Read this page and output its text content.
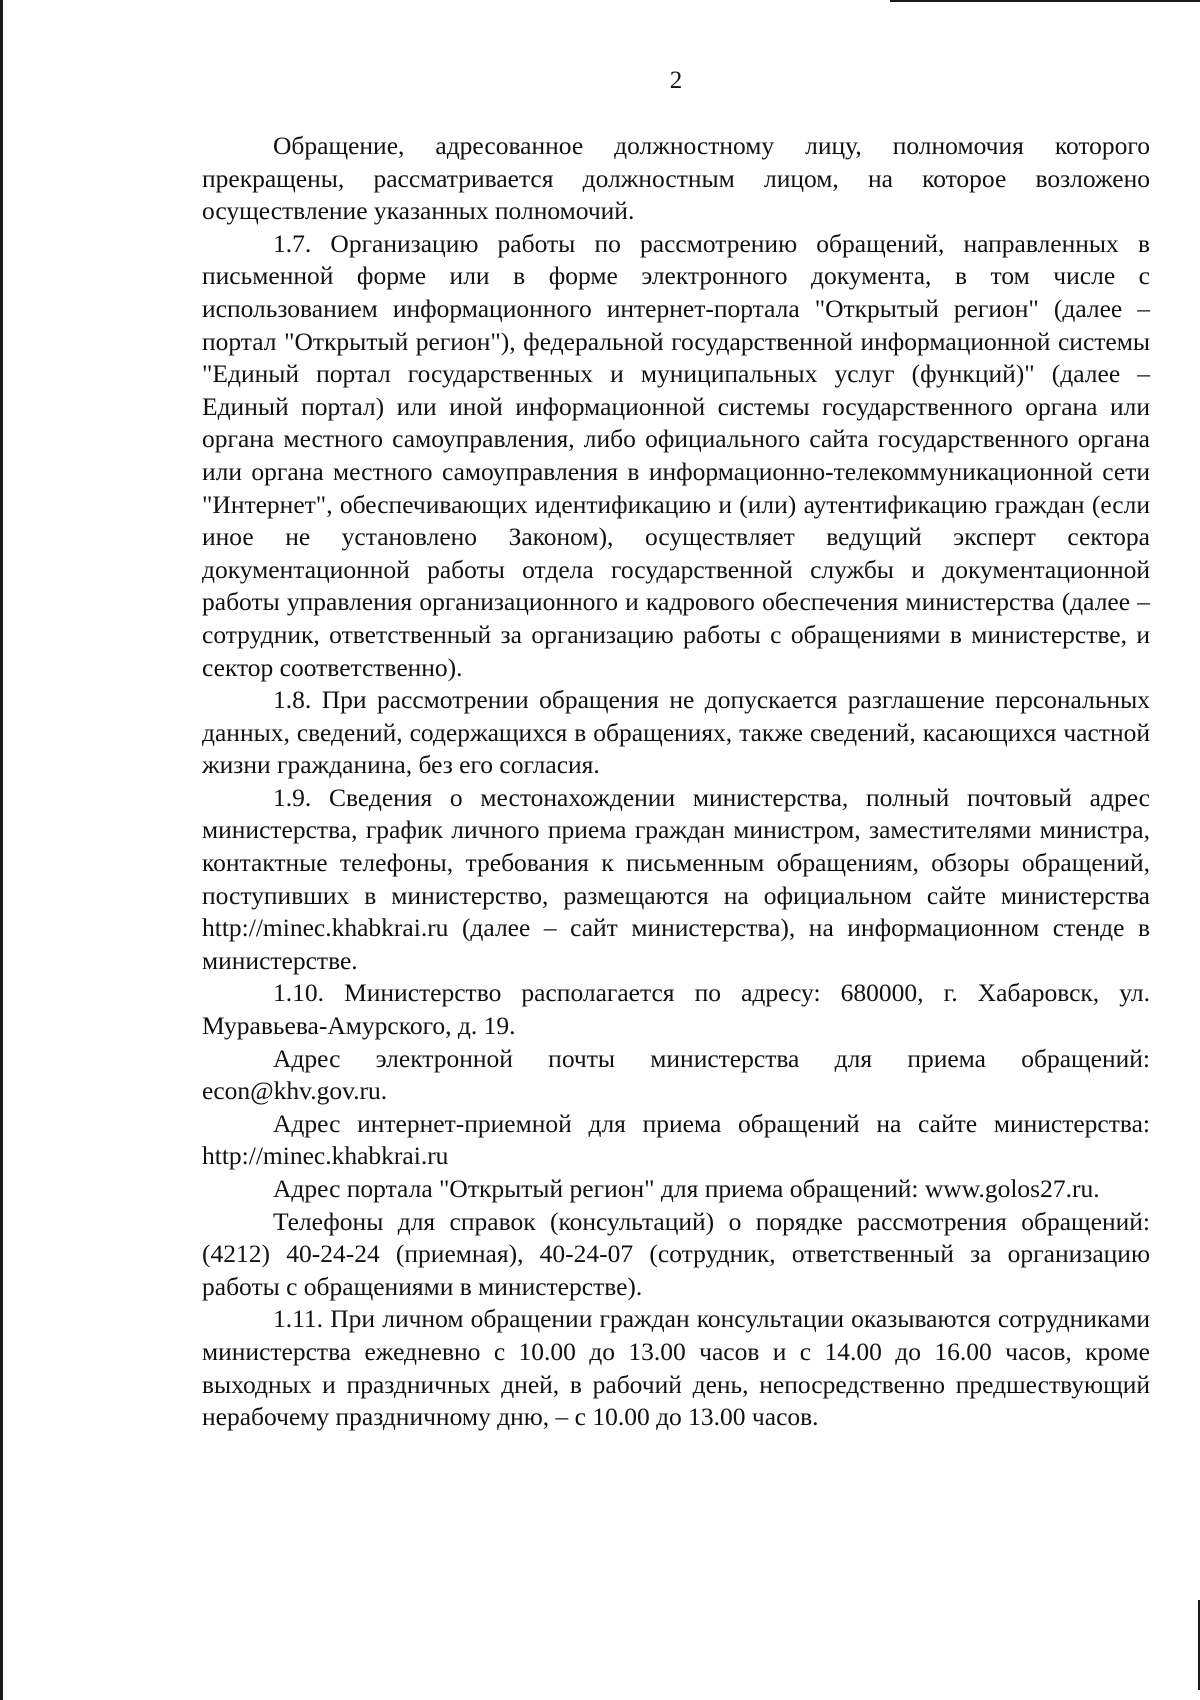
2

Обращение, адресованное должностному лицу, полномочия которого прекращены, рассматривается должностным лицом, на которое возложено осуществление указанных полномочий.

1.7. Организацию работы по рассмотрению обращений, направленных в письменной форме или в форме электронного документа, в том числе с использованием информационного интернет-портала "Открытый регион" (далее – портал "Открытый регион"), федеральной государственной информационной системы "Единый портал государственных и муниципальных услуг (функций)" (далее – Единый портал) или иной информационной системы государственного органа или органа местного самоуправления, либо официального сайта государственного органа или органа местного самоуправления в информационно-телекоммуникационной сети "Интернет", обеспечивающих идентификацию и (или) аутентификацию граждан (если иное не установлено Законом), осуществляет ведущий эксперт сектора документационной работы отдела государственной службы и документационной работы управления организационного и кадрового обеспечения министерства (далее – сотрудник, ответственный за организацию работы с обращениями в министерстве, и сектор соответственно).

1.8. При рассмотрении обращения не допускается разглашение персональных данных, сведений, содержащихся в обращениях, также сведений, касающихся частной жизни гражданина, без его согласия.

1.9. Сведения о местонахождении министерства, полный почтовый адрес министерства, график личного приема граждан министром, заместителями министра, контактные телефоны, требования к письменным обращениям, обзоры обращений, поступивших в министерство, размещаются на официальном сайте министерства http://minec.khabkrai.ru (далее – сайт министерства), на информационном стенде в министерстве.

1.10. Министерство располагается по адресу: 680000, г. Хабаровск, ул. Муравьева-Амурского, д. 19.

Адрес электронной почты министерства для приема обращений: econ@khv.gov.ru.

Адрес интернет-приемной для приема обращений на сайте министерства: http://minec.khabkrai.ru

Адрес портала "Открытый регион" для приема обращений: www.golos27.ru.

Телефоны для справок (консультаций) о порядке рассмотрения обращений: (4212) 40-24-24 (приемная), 40-24-07 (сотрудник, ответственный за организацию работы с обращениями в министерстве).

1.11. При личном обращении граждан консультации оказываются сотрудниками министерства ежедневно с 10.00 до 13.00 часов и с 14.00 до 16.00 часов, кроме выходных и праздничных дней, в рабочий день, непосредственно предшествующий нерабочему праздничному дню, – с 10.00 до 13.00 часов.
